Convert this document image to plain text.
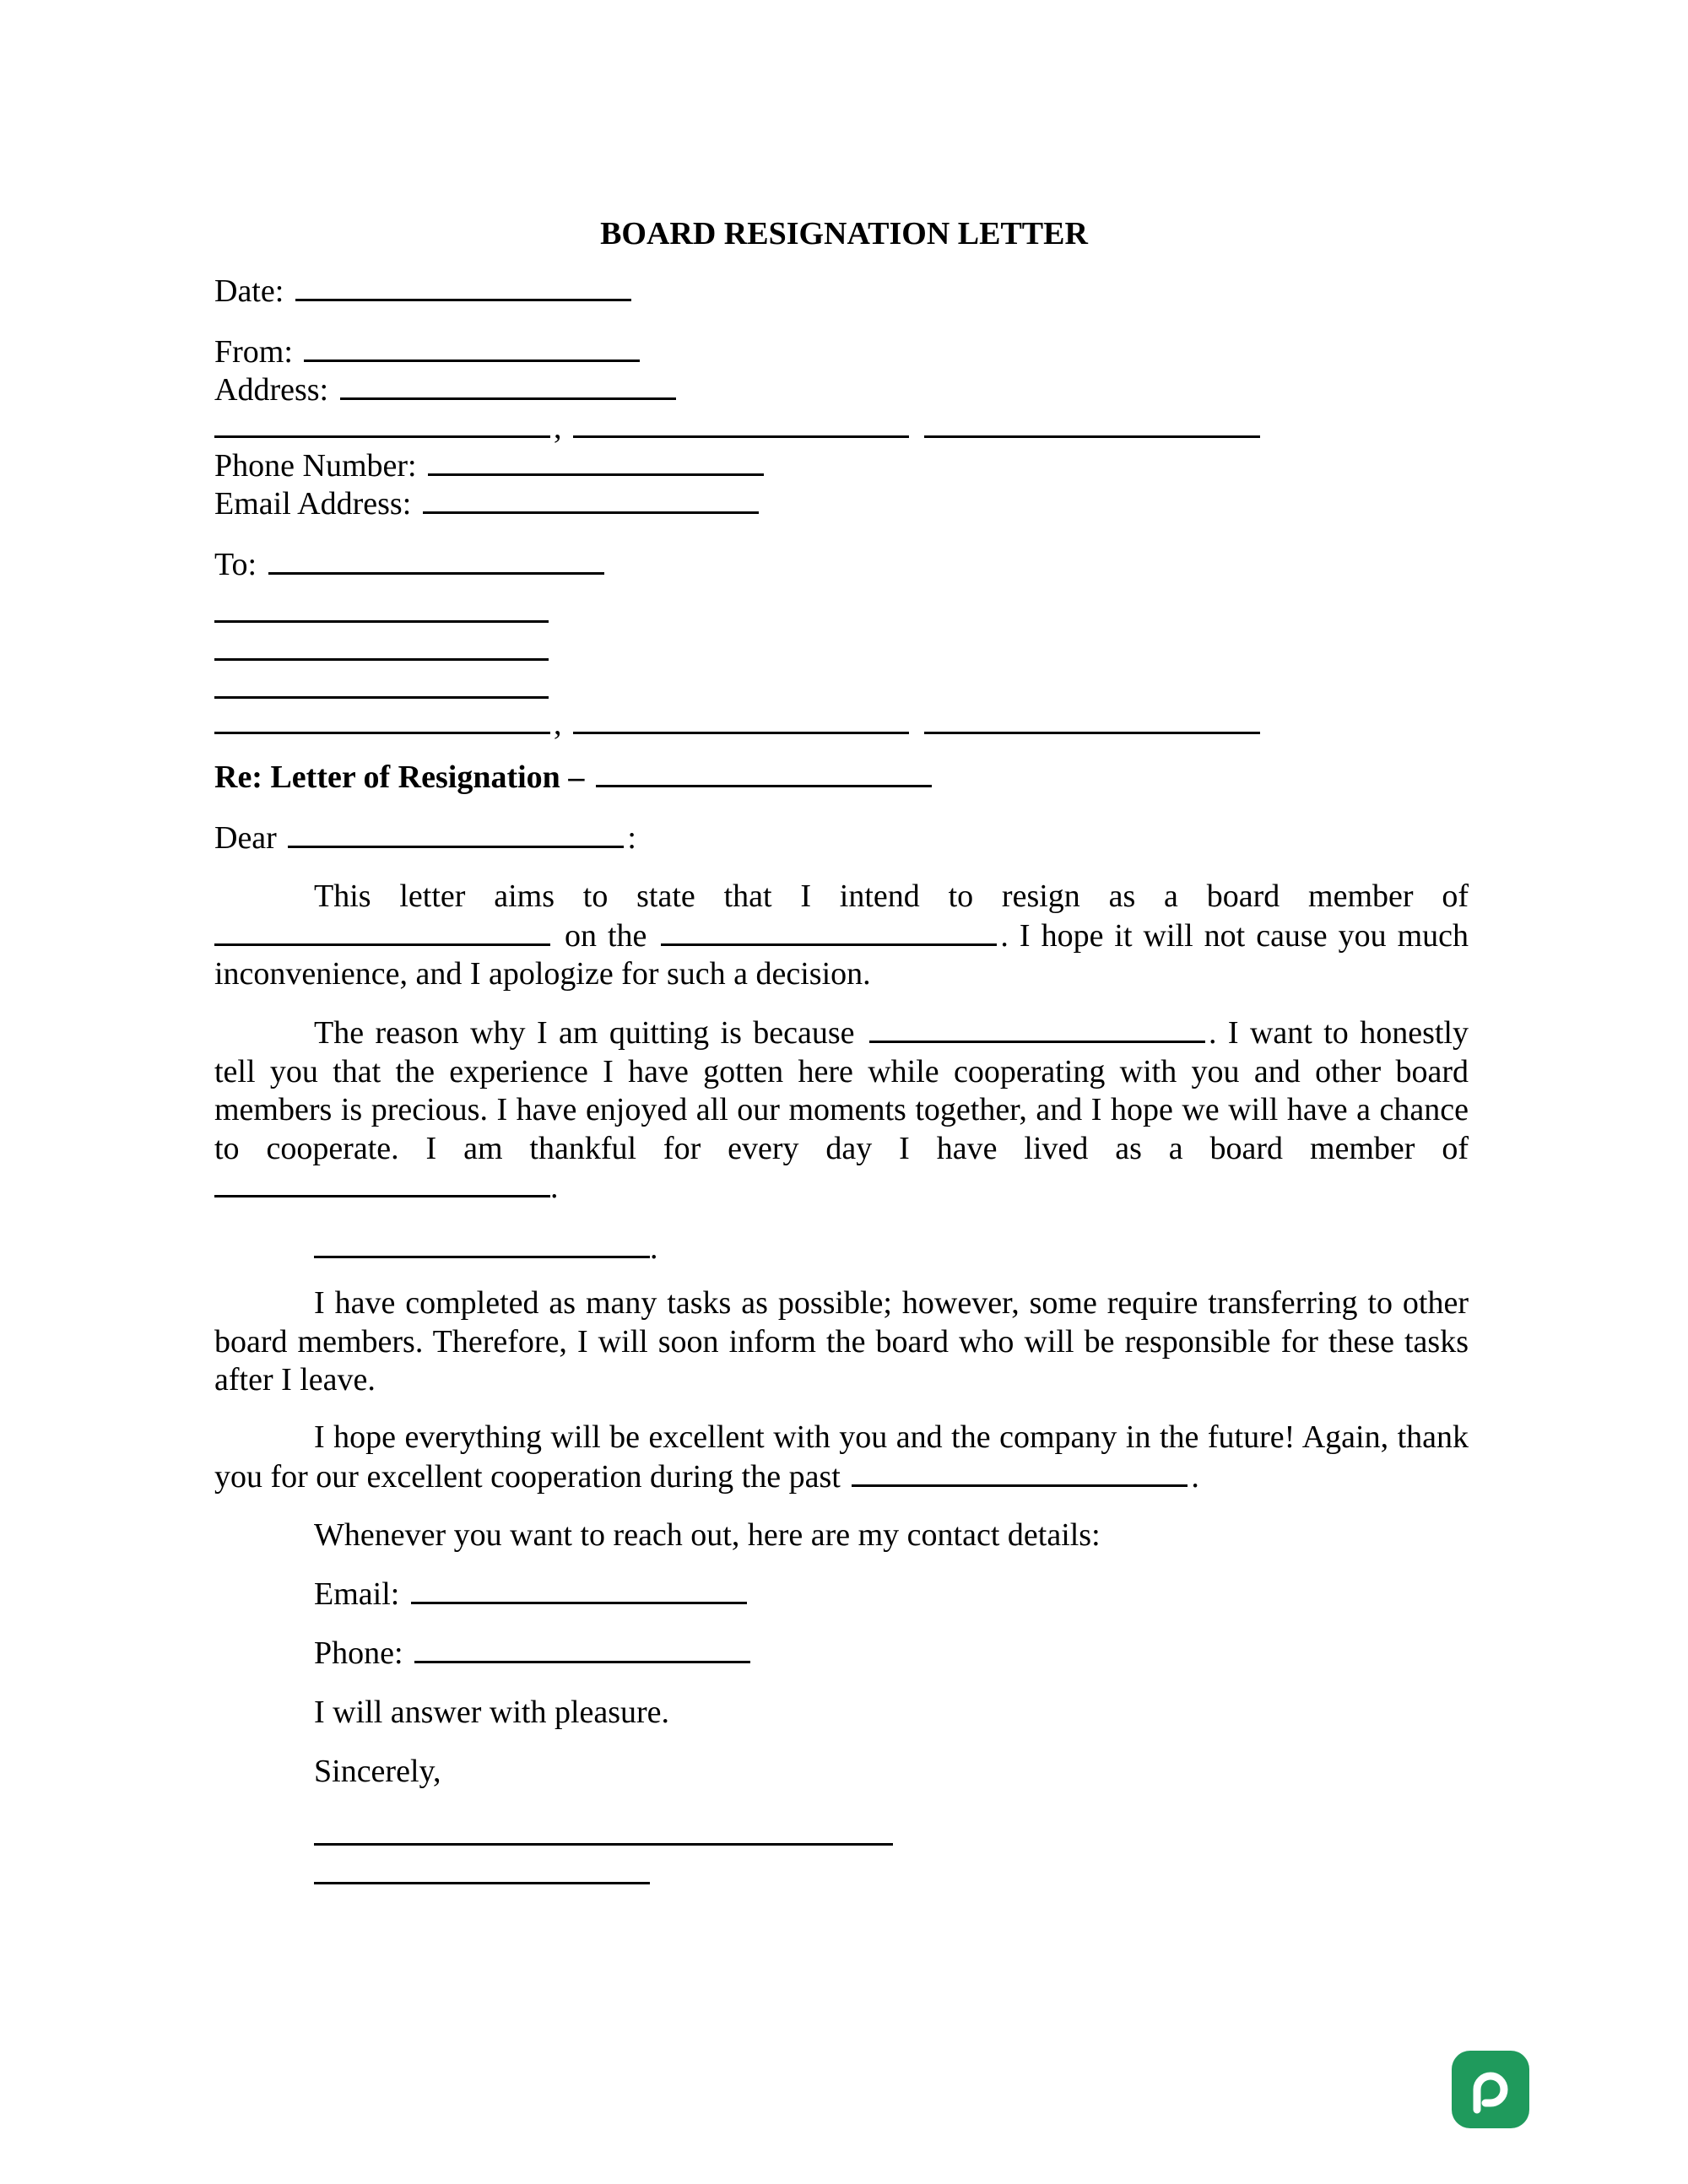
BOARD RESIGNATION LETTER
Date:
From:
Address:
,
Phone Number:
Email Address:
To:
,
Re: Letter of Resignation –
Dear	:
This letter aims to state that I intend to resign as a board member of  on the	. I hope it will not cause you much inconvenience, and I apologize for such a decision.
The reason why I am quitting is because	. I want to honestly tell you that the experience I have gotten here while cooperating with you and other board members is precious. I have enjoyed all our moments together, and I hope we will have a chance to cooperate. I am thankful for every day I have lived as a board member of .
.
I have completed as many tasks as possible; however, some require transferring to other board members. Therefore, I will soon inform the board who will be responsible for these tasks after I leave.
I hope everything will be excellent with you and the company in the future! Again, thank you for our excellent cooperation during the past	.
Whenever you want to reach out, here are my contact details:
Email:
Phone:
I will answer with pleasure.
Sincerely,
